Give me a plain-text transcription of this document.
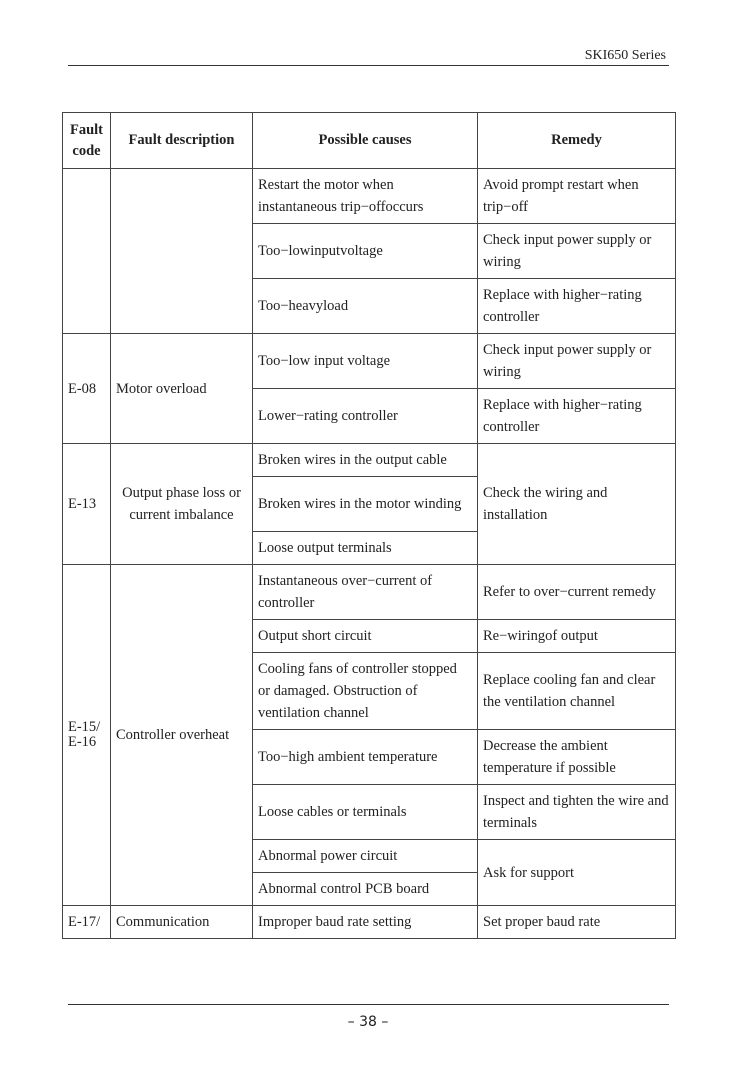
SKI650 Series
Fault code	Fault description	Possible causes	Remedy
		Restart the motor when instantaneous trip−offoccurs	Avoid prompt restart when trip−off
		Too−lowinputvoltage	Check input power supply or wiring
		Too−heavyload	Replace with higher−rating controller
E-08	Motor overload	Too−low input voltage	Check input power supply or wiring
		Lower−rating controller	Replace with higher−rating controller
E-13	Output phase loss or current imbalance	Broken wires in the output cable	Check the wiring and installation
		Broken wires in the motor winding	
		Loose output terminals	
E-15/
E-16	Controller overheat	Instantaneous over−current of controller	Refer to over−current remedy
		Output short circuit	Re−wiringof output
		Cooling fans of controller stopped or damaged. Obstruction of ventilation channel	Replace cooling fan and clear the ventilation channel
		Too−high ambient temperature	Decrease the ambient temperature if possible
		Loose cables or terminals	Inspect and tighten the wire and terminals
		Abnormal power circuit	Ask for support
		Abnormal control PCB board	
E-17/	Communication	Improper baud rate setting	Set proper baud rate
– 38 –
